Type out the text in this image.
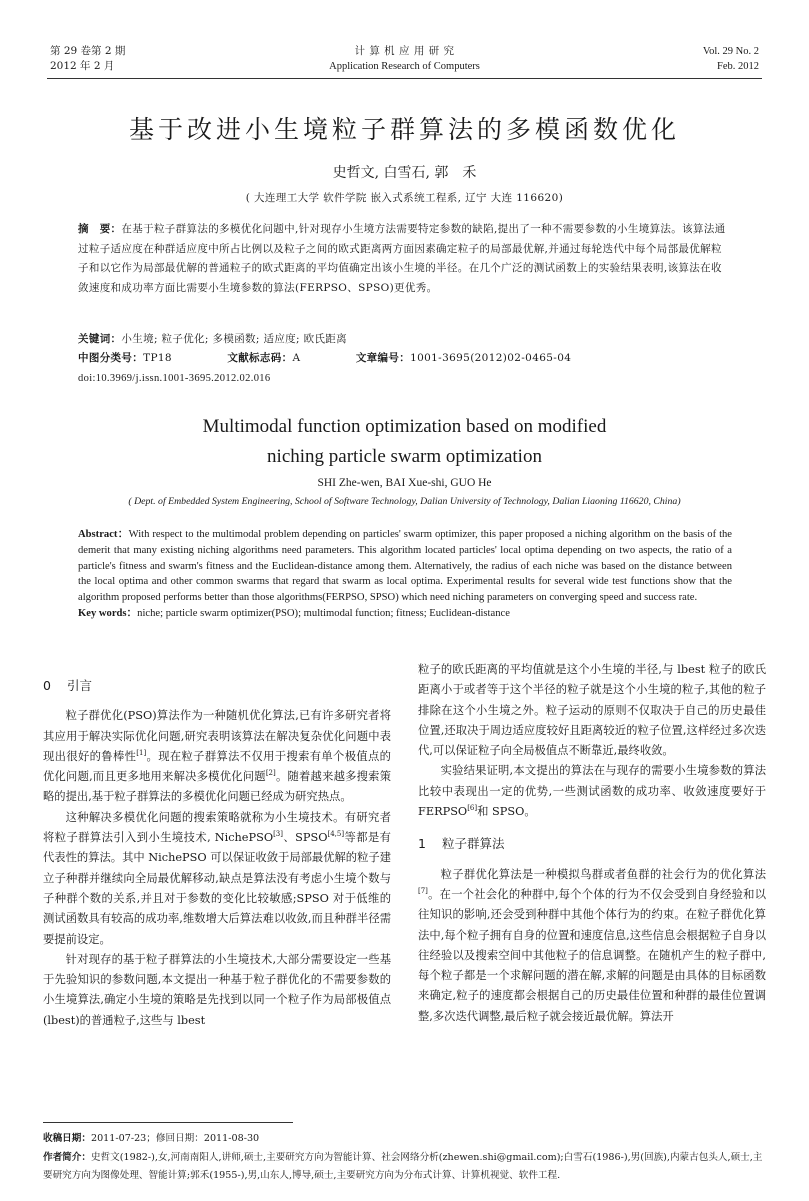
第 29 卷第 2 期
2012 年 2 月
计 算 机 应 用 研 究
Application Research of Computers
Vol. 29 No. 2
Feb. 2012
基于改进小生境粒子群算法的多模函数优化
史哲文, 白雪石, 郭　禾
( 大连理工大学 软件学院 嵌入式系统工程系, 辽宁 大连 116620)
摘　要：在基于粒子群算法的多模优化问题中,针对现存小生境方法需要特定参数的缺陷,提出了一种不需要参数的小生境算法。该算法通过粒子适应度在种群适应度中所占比例以及粒子之间的欧式距离两方面因素确定粒子的局部最优解,并通过每轮迭代中每个局部最优解粒子和以它作为局部最优解的普通粒子的欧式距离的平均值确定出该小生境的半径。在几个广泛的测试函数上的实验结果表明,该算法在收敛速度和成功率方面比需要小生境参数的算法(FERPSO、SPSO)更优秀。
关键词：小生境; 粒子优化; 多模函数; 适应度; 欧氏距离
中图分类号：TP18	文献标志码：A	文章编号：1001-3695(2012)02-0465-04
doi:10.3969/j.issn.1001-3695.2012.02.016
Multimodal function optimization based on modified
niching particle swarm optimization
SHI Zhe-wen, BAI Xue-shi, GUO He
( Dept. of Embedded System Engineering, School of Software Technology, Dalian University of Technology, Dalian Liaoning 116620, China)
Abstract：With respect to the multimodal problem depending on particles' swarm optimizer, this paper proposed a niching algorithm on the basis of the demerit that many existing niching algorithms need parameters. This algorithm located particles' local optima depending on two aspects, the ratio of a particle's fitness and swarm's fitness and the Euclidean-distance among them. Alternatively, the radius of each niche was based on the distance between the local optima and other common swarms that regard that swarm as local optima. Experimental results for several wide test functions show that the algorithm proposed performs better than those algorithms(FERPSO, SPSO) which need niching parameters on converging speed and success rate.
Key words：niche; particle swarm optimizer(PSO); multimodal function; fitness; Euclidean-distance
0 引言

粒子群优化(PSO)算法作为一种随机优化算法,已有许多研究者将其应用于解决实际优化问题,研究表明该算法在解决复杂优化问题中表现出很好的鲁棒性[1]。现在粒子群算法不仅用于搜索有单个极值点的优化问题,而且更多地用来解决多模优化问题[2]。随着越来越多搜索策略的提出,基于粒子群算法的多模优化问题已经成为研究热点。

这种解决多模优化问题的搜索策略就称为小生境技术。有研究者将粒子群算法引入到小生境技术, NichePSO[3]、SPSO[4,5]等都是有代表性的算法。其中 NichePSO 可以保证收敛于局部最优解的粒子建立子种群并继续向全局最优解移动,缺点是算法没有考虑小生境个数与子种群个数的关系,并且对于参数的变化比较敏感;SPSO 对于低维的测试函数具有较高的成功率,维数增大后算法难以收敛,而且种群半径需要提前设定。

针对现存的基于粒子群算法的小生境技术,大部分需要设定一些基于先验知识的参数问题,本文提出一种基于粒子群优化的不需要参数的小生境算法,确定小生境的策略是先找到以同一个粒子作为局部极值点(lbest)的普通粒子,这些与 lbest

粒子的欧氏距离的平均值就是这个小生境的半径,与 lbest 粒子的欧氏距离小于或者等于这个半径的粒子就是这个小生境的粒子,其他的粒子排除在这个小生境之外。粒子运动的原则不仅取决于自己的历史最佳位置,还取决于周边适应度较好且距离较近的粒子位置,这样经过多次迭代,可以保证粒子向全局极值点不断靠近,最终收敛。

实验结果证明,本文提出的算法在与现存的需要小生境参数的算法比较中表现出一定的优势,一些测试函数的成功率、收敛速度要好于 FERPSO[6]和 SPSO。

1 粒子群算法

粒子群优化算法是一种模拟鸟群或者鱼群的社会行为的优化算法[7]。在一个社会化的种群中,每个个体的行为不仅会受到自身经验和以往知识的影响,还会受到种群中其他个体行为的约束。在粒子群优化算法中,每个粒子拥有自身的位置和速度信息,这些信息会根据粒子自身以往经验以及搜索空间中其他粒子的信息调整。在随机产生的粒子群中,每个粒子都是一个求解问题的潜在解,求解的问题是由具体的目标函数来确定,粒子的速度都会根据自己的历史最佳位置和种群的最佳位置调整,多次迭代调整,最后粒子就会接近最优解。算法开

收稿日期：2011-07-23；修回日期：2011-08-30
作者简介：史哲文(1982-),女,河南南阳人,讲师,硕士,主要研究方向为智能计算、社会网络分析(zhewen.shi@gmail.com);白雪石(1986-),男(回族),内蒙古包头人,硕士,主要研究方向为图像处理、智能计算;郭禾(1955-),男,山东人,博导,硕士,主要研究方向为分布式计算、计算机视觉、软件工程.
